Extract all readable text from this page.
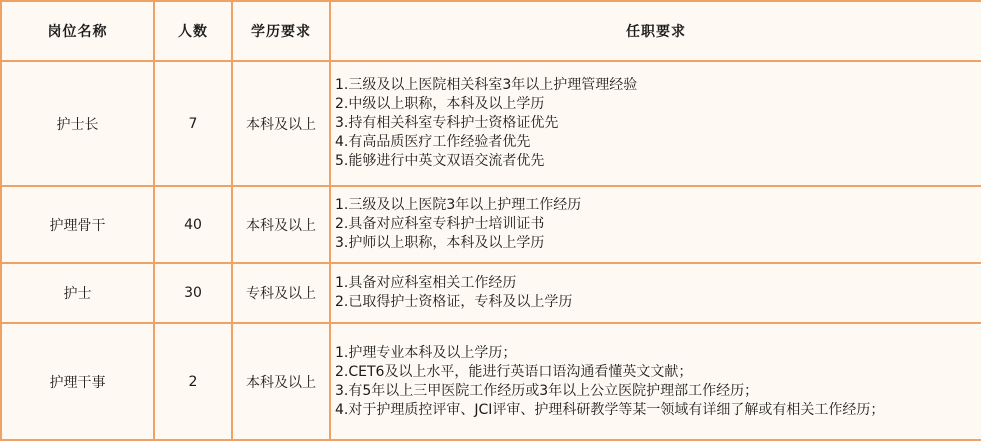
岗位名称	人数	学历要求	任职要求
护士长	7	本科及以上	1.三级及以上医院相关科室3年以上护理管理经验
2.中级以上职称，本科及以上学历
3.持有相关科室专科护士资格证优先
4.有高品质医疗工作经验者优先
5.能够进行中英文双语交流者优先

护理骨干	40	本科及以上	1.三级及以上医院3年以上护理工作经历
2.具备对应科室专科护士培训证书
3.护师以上职称，本科及以上学历

护士	30	专科及以上	1.具备对应科室相关工作经历
2.已取得护士资格证，专科及以上学历

护理干事	2	本科及以上	1.护理专业本科及以上学历；
2.CET6及以上水平，能进行英语口语沟通看懂英文文献；
3.有5年以上三甲医院工作经历或3年以上公立医院护理部工作经历；
4.对于护理质控评审、JCI评审、护理科研教学等某一领域有详细了解或有相关工作经历；
